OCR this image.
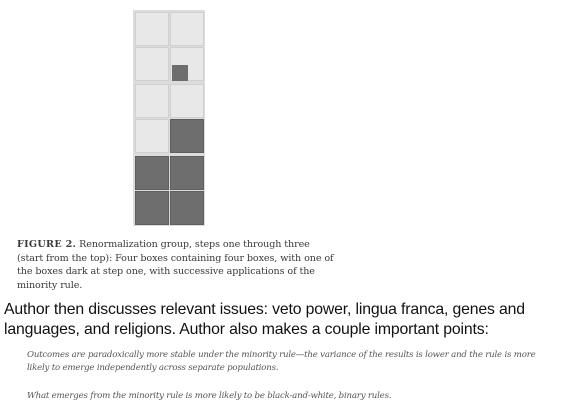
FIGURE 2. Renormalization group, steps one through three (start from the top): Four boxes containing four boxes, with one of the boxes dark at step one, with successive applications of the minority rule.
Author then discusses relevant issues: veto power, lingua franca, genes and languages, and religions. Author also makes a couple important points:
Outcomes are paradoxically more stable under the minority rule—the variance of the results is lower and the rule is more likely to emerge independently across separate populations.
What emerges from the minority rule is more likely to be black-and-white, binary rules.
